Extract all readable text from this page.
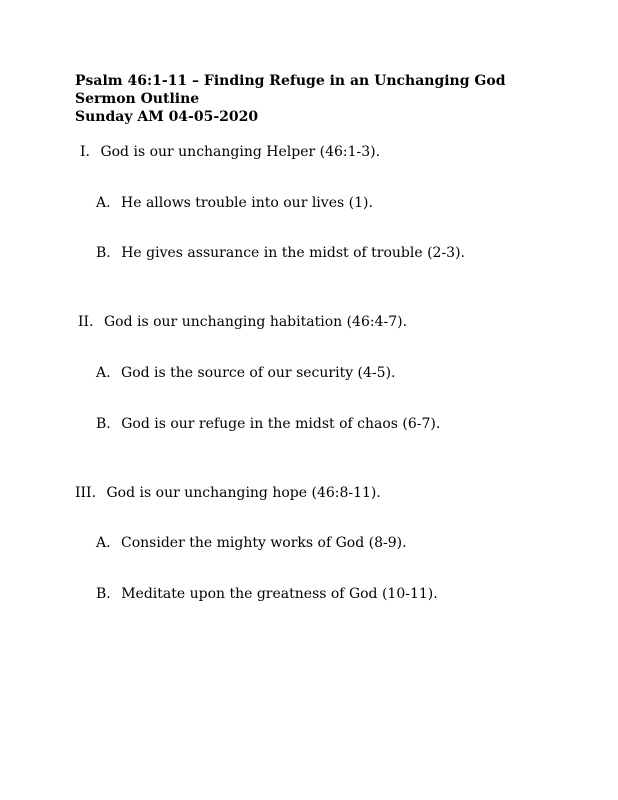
Psalm 46:1-11 – Finding Refuge in an Unchanging God
Sermon Outline
Sunday AM 04-05-2020
I. God is our unchanging Helper (46:1-3).
A. He allows trouble into our lives (1).
B. He gives assurance in the midst of trouble (2-3).
II. God is our unchanging habitation (46:4-7).
A. God is the source of our security (4-5).
B. God is our refuge in the midst of chaos (6-7).
III. God is our unchanging hope (46:8-11).
A. Consider the mighty works of God (8-9).
B. Meditate upon the greatness of God (10-11).
